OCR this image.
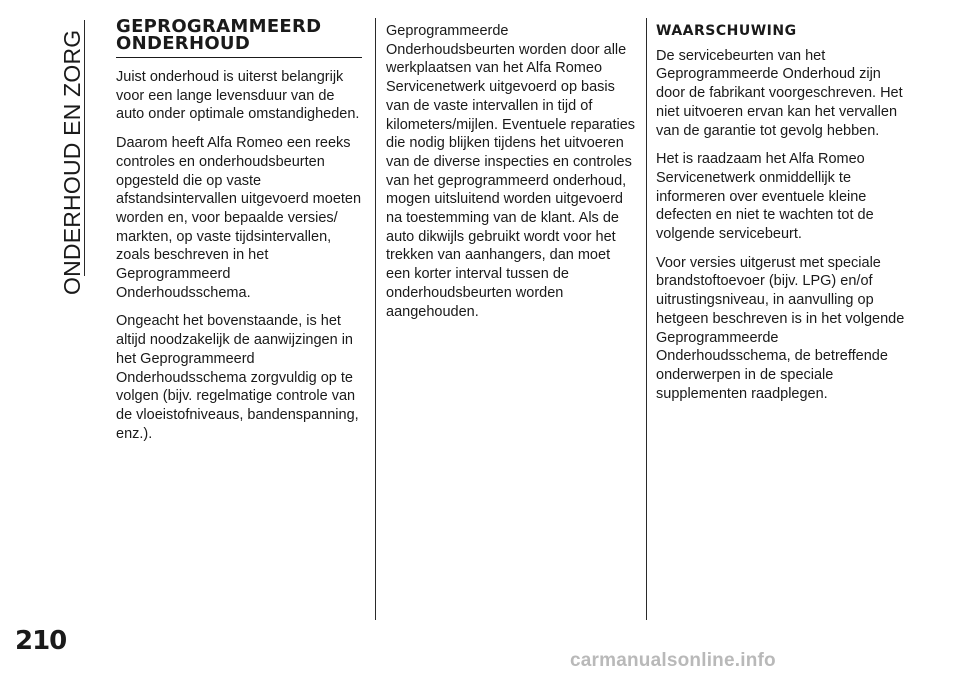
ONDERHOUD EN ZORG
210
GEPROGRAMMEERD
ONDERHOUD

Juist onderhoud is uiterst belangrijk voor een lange levensduur van de auto onder optimale omstandigheden.

Daarom heeft Alfa Romeo een reeks controles en onderhoudsbeurten opgesteld die op vaste afstandsintervallen uitgevoerd moeten worden en, voor bepaalde versies/ markten, op vaste tijdsintervallen, zoals beschreven in het Geprogrammeerd Onderhoudsschema.

Ongeacht het bovenstaande, is het altijd noodzakelijk de aanwijzingen in het Geprogrammeerd Onderhoudsschema zorgvuldig op te volgen (bijv. regelmatige controle van de vloeistofniveaus, bandenspanning, enz.).

Geprogrammeerde Onderhoudsbeurten worden door alle werkplaatsen van het Alfa Romeo Servicenetwerk uitgevoerd op basis van de vaste intervallen in tijd of kilometers/mijlen. Eventuele reparaties die nodig blijken tijdens het uitvoeren van de diverse inspecties en controles van het geprogrammeerd onderhoud, mogen uitsluitend worden uitgevoerd na toestemming van de klant. Als de auto dikwijls gebruikt wordt voor het trekken van aanhangers, dan moet een korter interval tussen de onderhoudsbeurten worden aangehouden.

WAARSCHUWING

De servicebeurten van het Geprogrammeerde Onderhoud zijn door de fabrikant voorgeschreven. Het niet uitvoeren ervan kan het vervallen van de garantie tot gevolg hebben.

Het is raadzaam het Alfa Romeo Servicenetwerk onmiddellijk te informeren over eventuele kleine defecten en niet te wachten tot de volgende servicebeurt.

Voor versies uitgerust met speciale brandstoftoevoer (bijv. LPG) en/of uitrustingsniveau, in aanvulling op hetgeen beschreven is in het volgende Geprogrammeerde Onderhoudsschema, de betreffende onderwerpen in de speciale supplementen raadplegen.

carmanualsonline.info
